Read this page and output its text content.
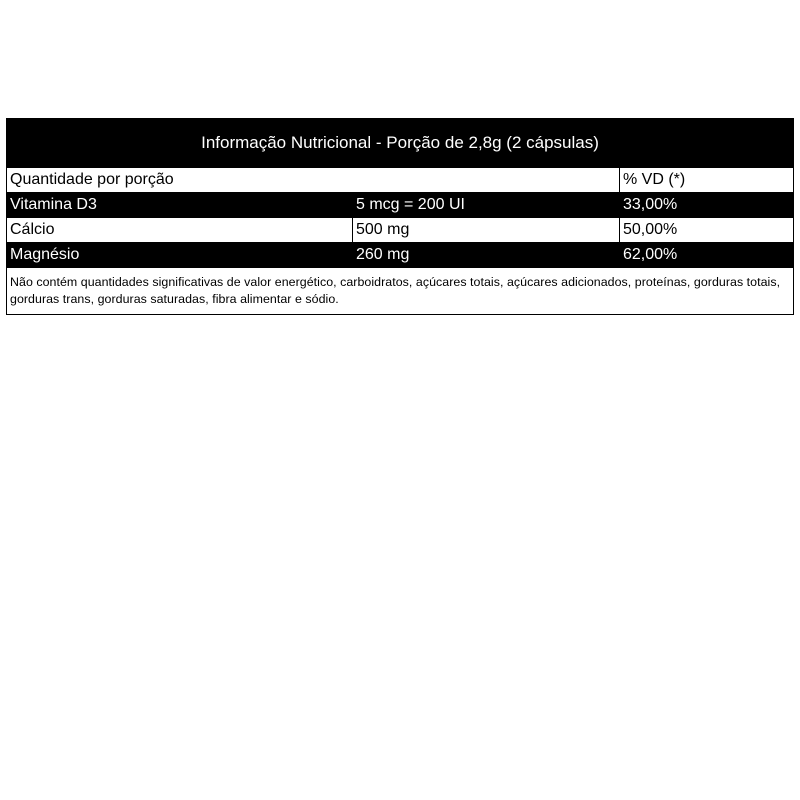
Informação Nutricional - Porção de 2,8g (2 cápsulas)
Quantidade por porção	% VD (*)
Vitamina D3	5 mcg = 200 UI	33,00%
Cálcio	500 mg	50,00%
Magnésio	260 mg	62,00%
Não contém quantidades significativas de valor energético, carboidratos, açúcares totais, açúcares adicionados, proteínas, gorduras totais, gorduras trans, gorduras saturadas, fibra alimentar e sódio.
